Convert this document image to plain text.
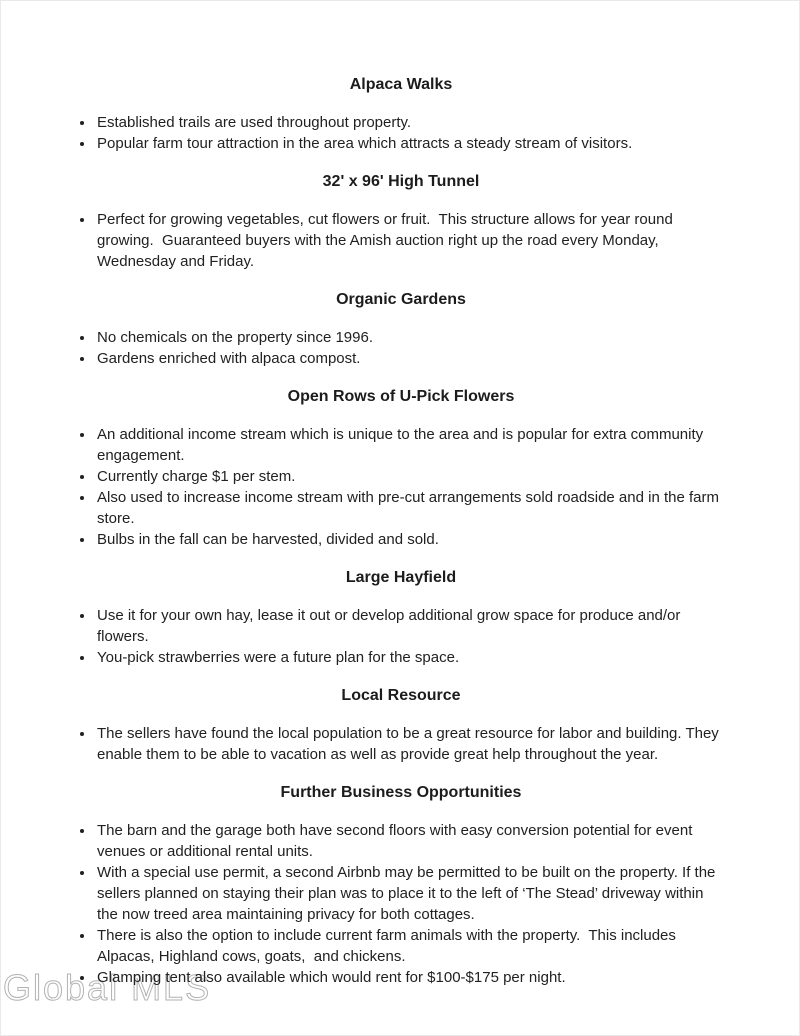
Global MLS
Alpaca Walks
• Established trails are used throughout property.
• Popular farm tour attraction in the area which attracts a steady stream of visitors.
32' x 96' High Tunnel
• Perfect for growing vegetables, cut flowers or fruit.  This structure allows for year round growing.  Guaranteed buyers with the Amish auction right up the road every Monday, Wednesday and Friday.
Organic Gardens
• No chemicals on the property since 1996.
• Gardens enriched with alpaca compost.
Open Rows of U-Pick Flowers
• An additional income stream which is unique to the area and is popular for extra community engagement.
• Currently charge $1 per stem.
• Also used to increase income stream with pre-cut arrangements sold roadside and in the farm store.
• Bulbs in the fall can be harvested, divided and sold.
Large Hayfield
• Use it for your own hay, lease it out or develop additional grow space for produce and/or flowers.
• You-pick strawberries were a future plan for the space.
Local Resource
• The sellers have found the local population to be a great resource for labor and building. They enable them to be able to vacation as well as provide great help throughout the year.
Further Business Opportunities
• The barn and the garage both have second floors with easy conversion potential for event venues or additional rental units.
• With a special use permit, a second Airbnb may be permitted to be built on the property. If the sellers planned on staying their plan was to place it to the left of ‘The Stead’ driveway within the now treed area maintaining privacy for both cottages.
• There is also the option to include current farm animals with the property.  This includes Alpacas, Highland cows, goats,  and chickens.
• Glamping tent also available which would rent for $100-$175 per night.
